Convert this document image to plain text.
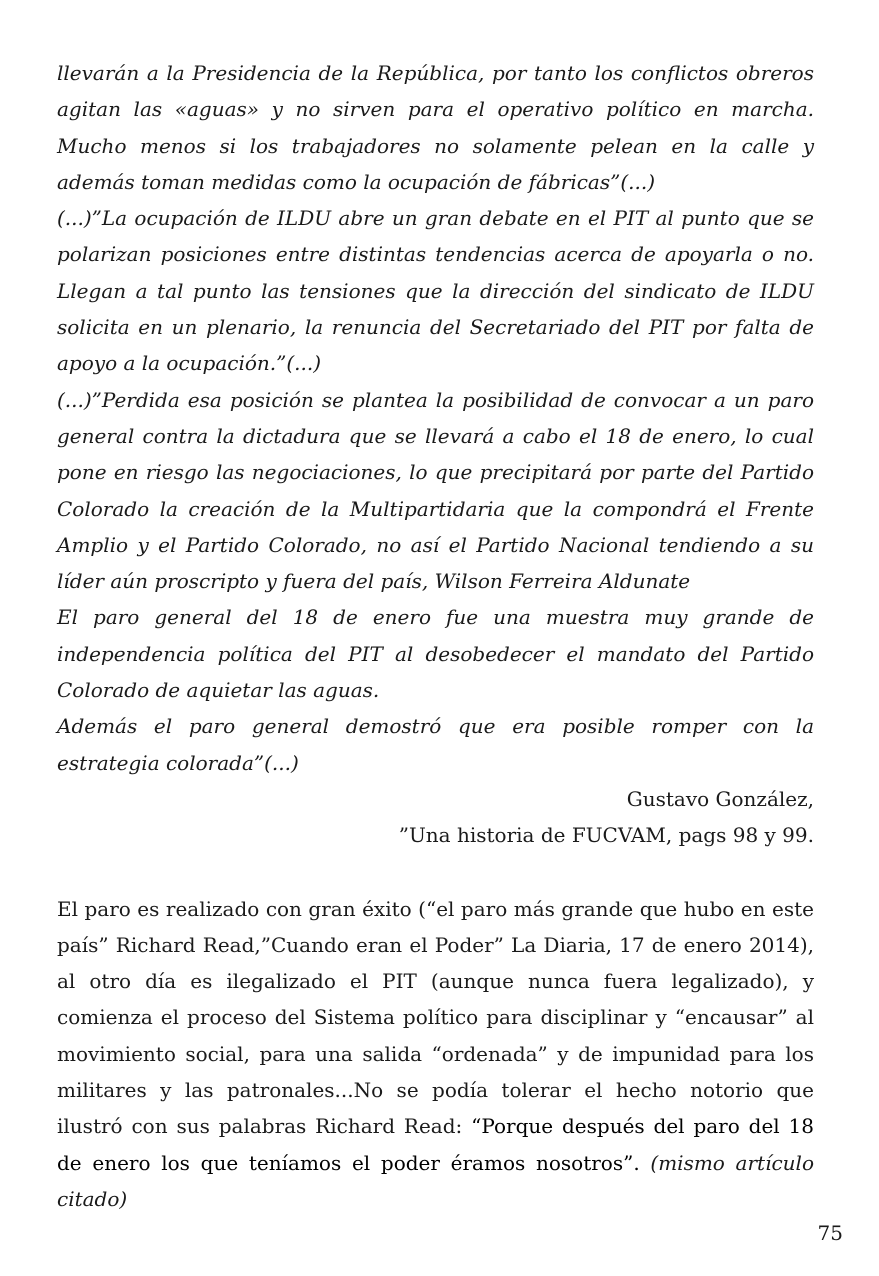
llevarán a la Presidencia de la República, por tanto los conflictos obreros agitan las «aguas» y no sirven para el operativo político en marcha. Mucho menos si los trabajadores no solamente pelean en la calle y además toman medidas como la ocupación de fábricas”(...)

(...)”La ocupación de ILDU abre un gran debate en el PIT al punto que se polarizan posiciones entre distintas tendencias acerca de apoyarla o no. Llegan a tal punto las tensiones que la dirección del sindicato de ILDU solicita en un plenario, la renuncia del Secretariado del PIT por falta de apoyo a la ocupación.”(...)

(...)”Perdida esa posición se plantea la posibilidad de convocar a un paro general contra la dictadura que se llevará a cabo el 18 de enero, lo cual pone en riesgo las negociaciones, lo que precipitará por parte del Partido Colorado la creación de la Multipartidaria que la compondrá el Frente Amplio y el Partido Colorado, no así el Partido Nacional tendiendo a su líder aún proscripto y fuera del país, Wilson Ferreira Aldunate

El paro general del 18 de enero fue una muestra muy grande de independencia política del PIT al desobedecer el mandato del Partido Colorado de aquietar las aguas.

Además el paro general demostró que era posible romper con la estrategia colorada”(...)

Gustavo González,
”Una historia de FUCVAM, pags 98 y 99.
El paro es realizado con gran éxito (“el paro más grande que hubo en este país” Richard Read,”Cuando eran el Poder” La Diaria, 17 de enero 2014), al otro día es ilegalizado el PIT (aunque nunca fuera legalizado), y comienza el proceso del Sistema político para disciplinar y “encausar” al movimiento social, para una salida “ordenada” y de impunidad para los militares y las patronales...No se podía tolerar el hecho notorio que ilustró con sus palabras Richard Read: “Porque después del paro del 18 de enero los que teníamos el poder éramos nosotros”. (mismo artículo citado)
75
